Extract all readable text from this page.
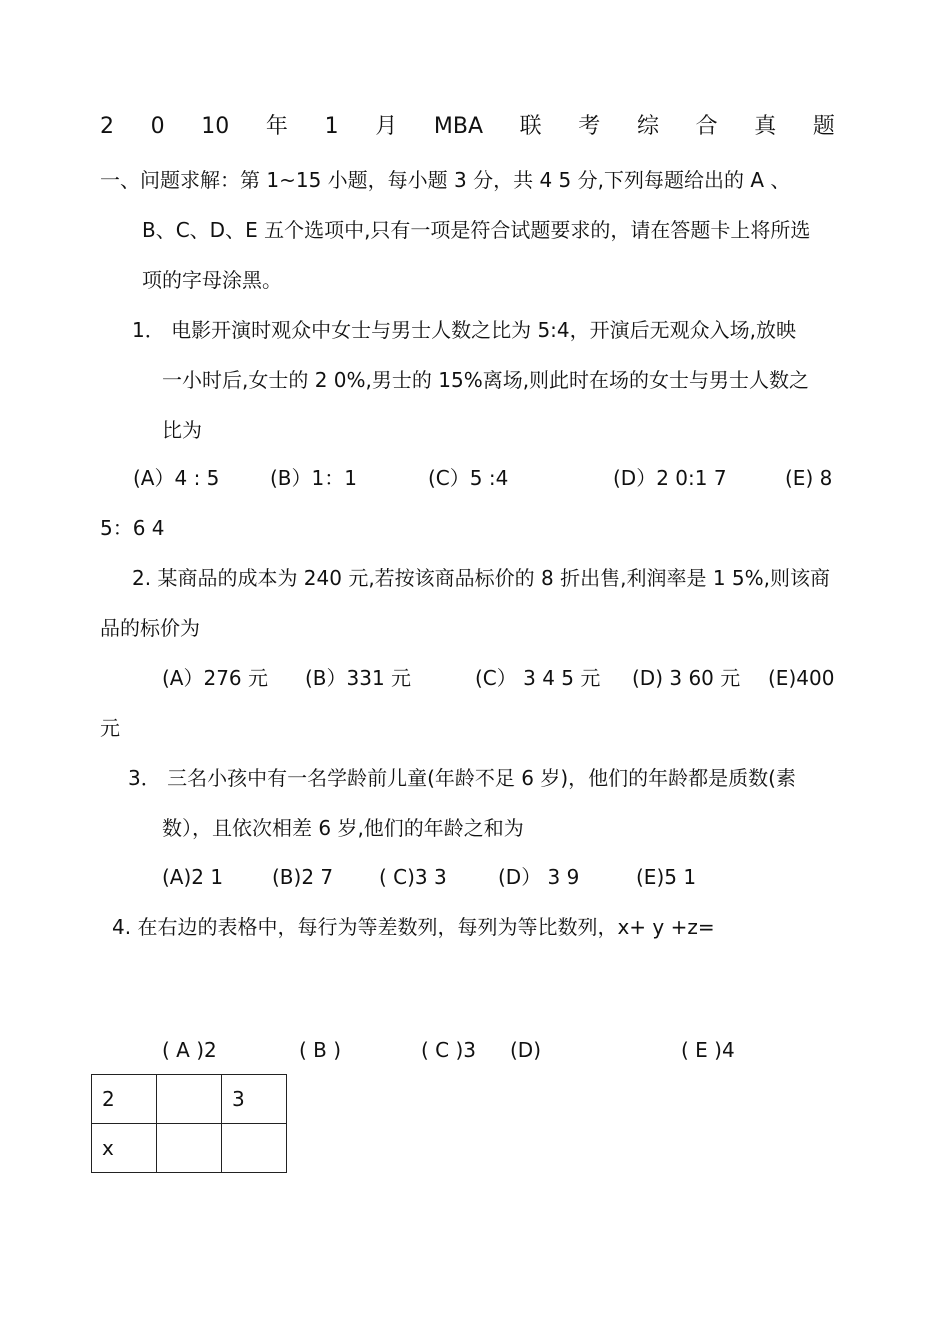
2 0 10 年 1 月 MBA 联 考 综 合 真 题
一、问题求解：第 1~15 小题，每小题 3 分，共 4 5 分,下列每题给出的 A 、
B、C、D、E 五个选项中,只有一项是符合试题要求的，请在答题卡上将所选
项的字母涂黑。
1． 电影开演时观众中女士与男士人数之比为 5:4，开演后无观众入场,放映
一小时后,女士的 2 0%,男士的 15%离场,则此时在场的女士与男士人数之
比为
(A）4 : 5	(B）1：1	(C）5 :4	(D）2 0:1 7	(E) 8
5：6 4
2. 某商品的成本为 240 元,若按该商品标价的 8 折出售,利润率是 1 5%,则该商
品的标价为
(A）276 元 (B）331 元	(C） 3 4 5 元 (D) 3 60 元 (E)400
元
3． 三名小孩中有一名学龄前儿童(年龄不足 6 岁)，他们的年龄都是质数(素
数），且依次相差 6 岁,他们的年龄之和为
(A)2 1 (B)2 7 ( C)3 3	(D） 3 9	(E)5 1
4. 在右边的表格中，每行为等差数列，每列为等比数列，x+ y +z=
( A )2	( B )	( C )3 (D)	( E )4
2		3
x		
